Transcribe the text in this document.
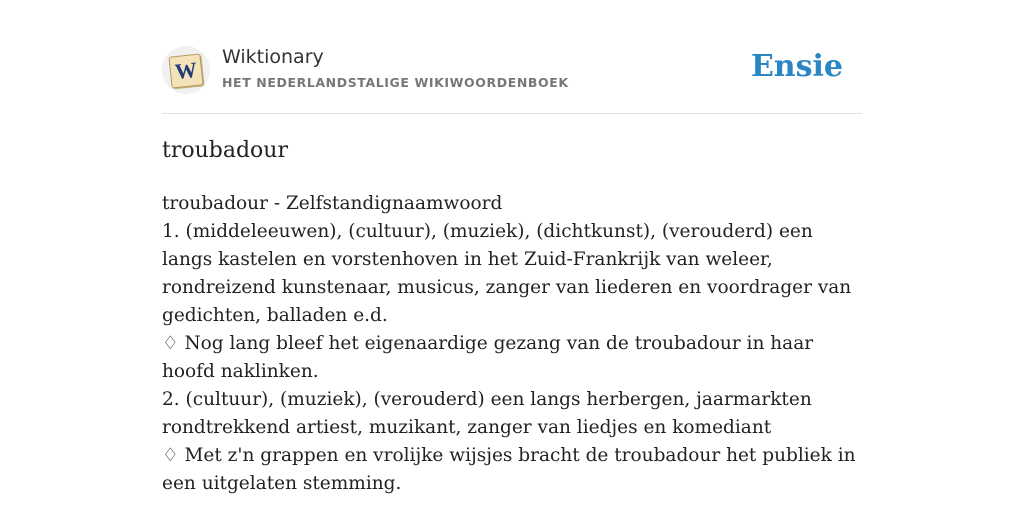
W Wiktionary
HET NEDERLANDSTALIGE WIKIWOORDENBOEK	Ensie
troubadour

troubadour - Zelfstandignaamwoord

1. (middeleeuwen), (cultuur), (muziek), (dichtkunst), (verouderd) een langs kastelen en vorstenhoven in het Zuid-Frankrijk van weleer, rondreizend kunstenaar, musicus, zanger van liederen en voordrager van gedichten, balladen e.d.

♢ Nog lang bleef het eigenaardige gezang van de troubadour in haar hoofd naklinken.

2. (cultuur), (muziek), (verouderd) een langs herbergen, jaarmarkten rondtrekkend artiest, muzikant, zanger van liedjes en komediant

♢ Met z'n grappen en vrolijke wijsjes bracht de troubadour het publiek in een uitgelaten stemming.
